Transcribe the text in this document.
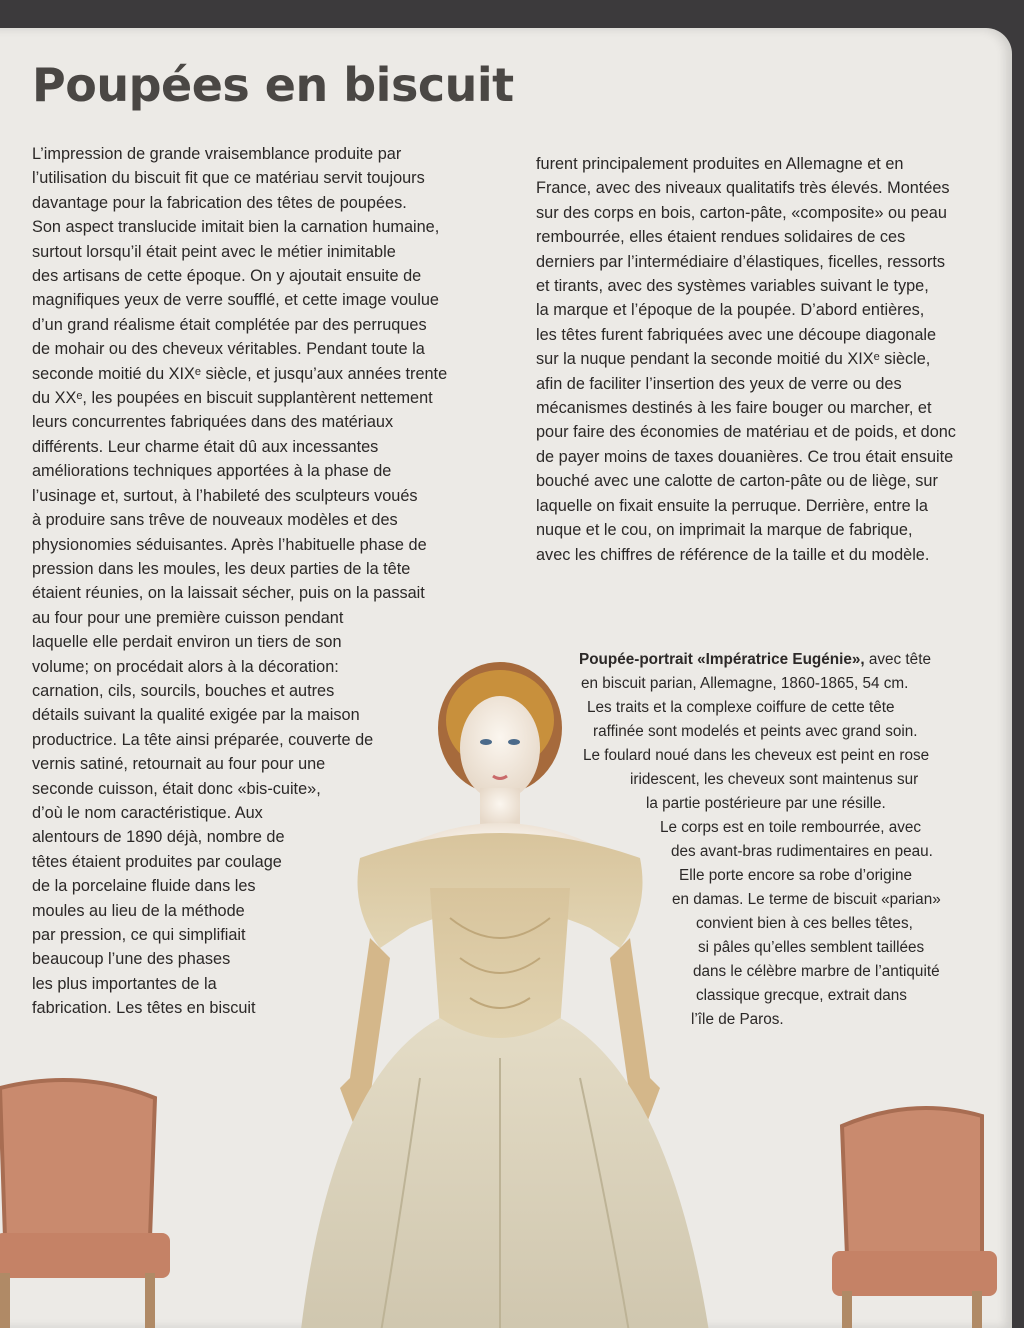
Poupées en biscuit
L’impression de grande vraisemblance produite par
l’utilisation du biscuit fit que ce matériau servit toujours
davantage pour la fabrication des têtes de poupées.
Son aspect translucide imitait bien la carnation humaine,
surtout lorsqu’il était peint avec le métier inimitable
des artisans de cette époque. On y ajoutait ensuite de
magnifiques yeux de verre soufflé, et cette image voulue
d’un grand réalisme était complétée par des perruques
de mohair ou des cheveux véritables. Pendant toute la
seconde moitié du XIXᵉ siècle, et jusqu’aux années trente
du XXᵉ, les poupées en biscuit supplantèrent nettement
leurs concurrentes fabriquées dans des matériaux
différents. Leur charme était dû aux incessantes
améliorations techniques apportées à la phase de
l’usinage et, surtout, à l’habileté des sculpteurs voués
à produire sans trêve de nouveaux modèles et des
physionomies séduisantes. Après l’habituelle phase de
pression dans les moules, les deux parties de la tête
étaient réunies, on la laissait sécher, puis on la passait
au four pour une première cuisson pendant
laquelle elle perdait environ un tiers de son
volume; on procédait alors à la décoration:
carnation, cils, sourcils, bouches et autres
détails suivant la qualité exigée par la maison
productrice. La tête ainsi préparée, couverte de
vernis satiné, retournait au four pour une
seconde cuisson, était donc «bis-cuite»,
d’où le nom caractéristique. Aux
alentours de 1890 déjà, nombre de
têtes étaient produites par coulage
de la porcelaine fluide dans les
moules au lieu de la méthode
par pression, ce qui simplifiait
beaucoup l’une des phases
les plus importantes de la
fabrication. Les têtes en biscuit
furent principalement produites en Allemagne et en
France, avec des niveaux qualitatifs très élevés. Montées
sur des corps en bois, carton-pâte, «composite» ou peau
rembourrée, elles étaient rendues solidaires de ces
derniers par l’intermédiaire d’élastiques, ficelles, ressorts
et tirants, avec des systèmes variables suivant le type,
la marque et l’époque de la poupée. D’abord entières,
les têtes furent fabriquées avec une découpe diagonale
sur la nuque pendant la seconde moitié du XIXᵉ siècle,
afin de faciliter l’insertion des yeux de verre ou des
mécanismes destinés à les faire bouger ou marcher, et
pour faire des économies de matériau et de poids, et donc
de payer moins de taxes douanières. Ce trou était ensuite
bouché avec une calotte de carton-pâte ou de liège, sur
laquelle on fixait ensuite la perruque. Derrière, entre la
nuque et le cou, on imprimait la marque de fabrique,
avec les chiffres de référence de la taille et du modèle.
Poupée-portrait «Impératrice Eugénie», avec tête
en biscuit parian, Allemagne, 1860-1865, 54 cm.
Les traits et la complexe coiffure de cette tête
raffinée sont modelés et peints avec grand soin.
Le foulard noué dans les cheveux est peint en rose
iridescent, les cheveux sont maintenus sur
la partie postérieure par une résille.
Le corps est en toile rembourrée, avec
des avant-bras rudimentaires en peau.
Elle porte encore sa robe d’origine
en damas. Le terme de biscuit «parian»
convient bien à ces belles têtes,
si pâles qu’elles semblent taillées
dans le célèbre marbre de l’antiquité
classique grecque, extrait dans
l’île de Paros.
